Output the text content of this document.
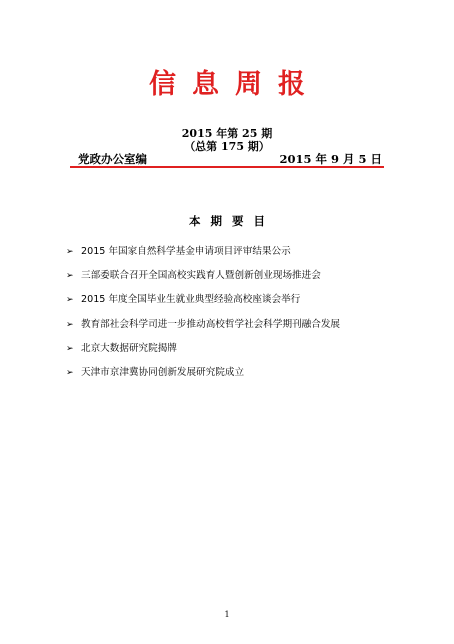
信息周报
2015 年第 25 期
（总第 175 期）
党政办公室编	2015 年 9 月 5 日
本期要目
➢ 2015 年国家自然科学基金申请项目评审结果公示
➢ 三部委联合召开全国高校实践育人暨创新创业现场推进会
➢ 2015 年度全国毕业生就业典型经验高校座谈会举行
➢ 教育部社会科学司进一步推动高校哲学社会科学期刊融合发展
➢ 北京大数据研究院揭牌
➢ 天津市京津冀协同创新发展研究院成立
1
